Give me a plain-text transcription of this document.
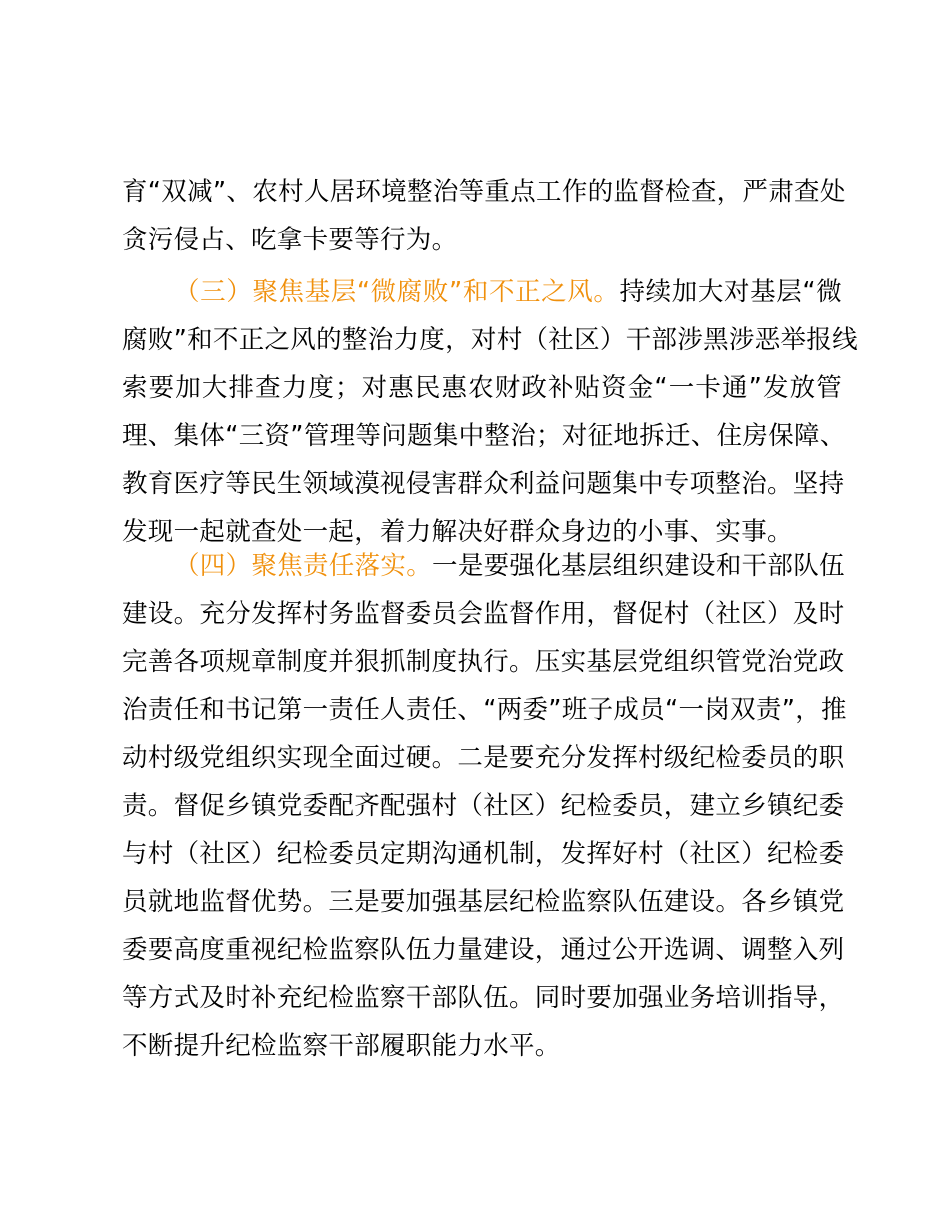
育“双减”、农村人居环境整治等重点工作的监督检查，严肃查处
贪污侵占、吃拿卡要等行为。
（三）聚焦基层“微腐败”和不正之风。持续加大对基层“微
腐败”和不正之风的整治力度，对村（社区）干部涉黑涉恶举报线
索要加大排查力度；对惠民惠农财政补贴资金“一卡通”发放管
理、集体“三资”管理等问题集中整治；对征地拆迁、住房保障、
教育医疗等民生领域漠视侵害群众利益问题集中专项整治。坚持
发现一起就查处一起，着力解决好群众身边的小事、实事。
（四）聚焦责任落实。一是要强化基层组织建设和干部队伍
建设。充分发挥村务监督委员会监督作用，督促村（社区）及时
完善各项规章制度并狠抓制度执行。压实基层党组织管党治党政
治责任和书记第一责任人责任、“两委”班子成员“一岗双责”，推
动村级党组织实现全面过硬。二是要充分发挥村级纪检委员的职
责。督促乡镇党委配齐配强村（社区）纪检委员，建立乡镇纪委
与村（社区）纪检委员定期沟通机制，发挥好村（社区）纪检委
员就地监督优势。三是要加强基层纪检监察队伍建设。各乡镇党
委要高度重视纪检监察队伍力量建设，通过公开选调、调整入列
等方式及时补充纪检监察干部队伍。同时要加强业务培训指导，
不断提升纪检监察干部履职能力水平。
